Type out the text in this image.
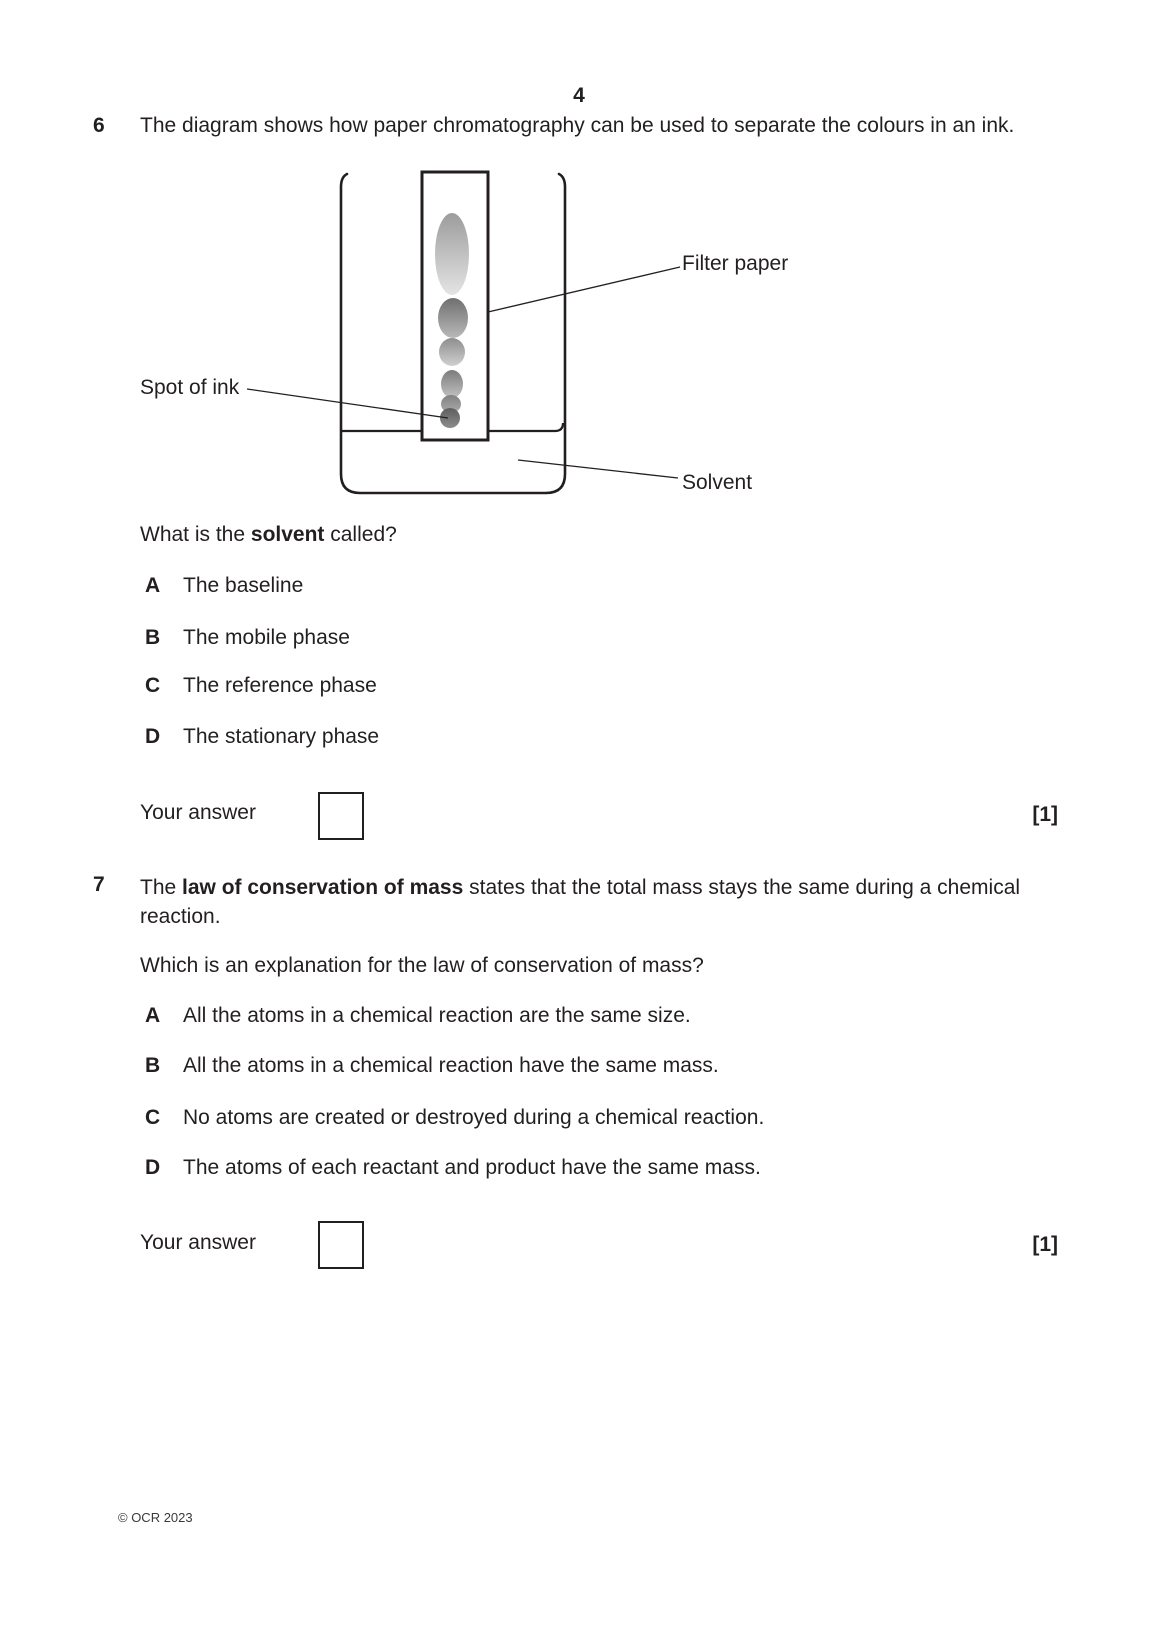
4
6 The diagram shows how paper chromatography can be used to separate the colours in an ink.
Filter paper
Spot of ink
Solvent
What is the solvent called?
A The baseline
B The mobile phase
C The reference phase
D The stationary phase
Your answer	[1]
7 The law of conservation of mass states that the total mass stays the same during a chemical
reaction.
Which is an explanation for the law of conservation of mass?
A All the atoms in a chemical reaction are the same size.
B All the atoms in a chemical reaction have the same mass.
C No atoms are created or destroyed during a chemical reaction.
D The atoms of each reactant and product have the same mass.
Your answer	[1]
© OCR 2023
